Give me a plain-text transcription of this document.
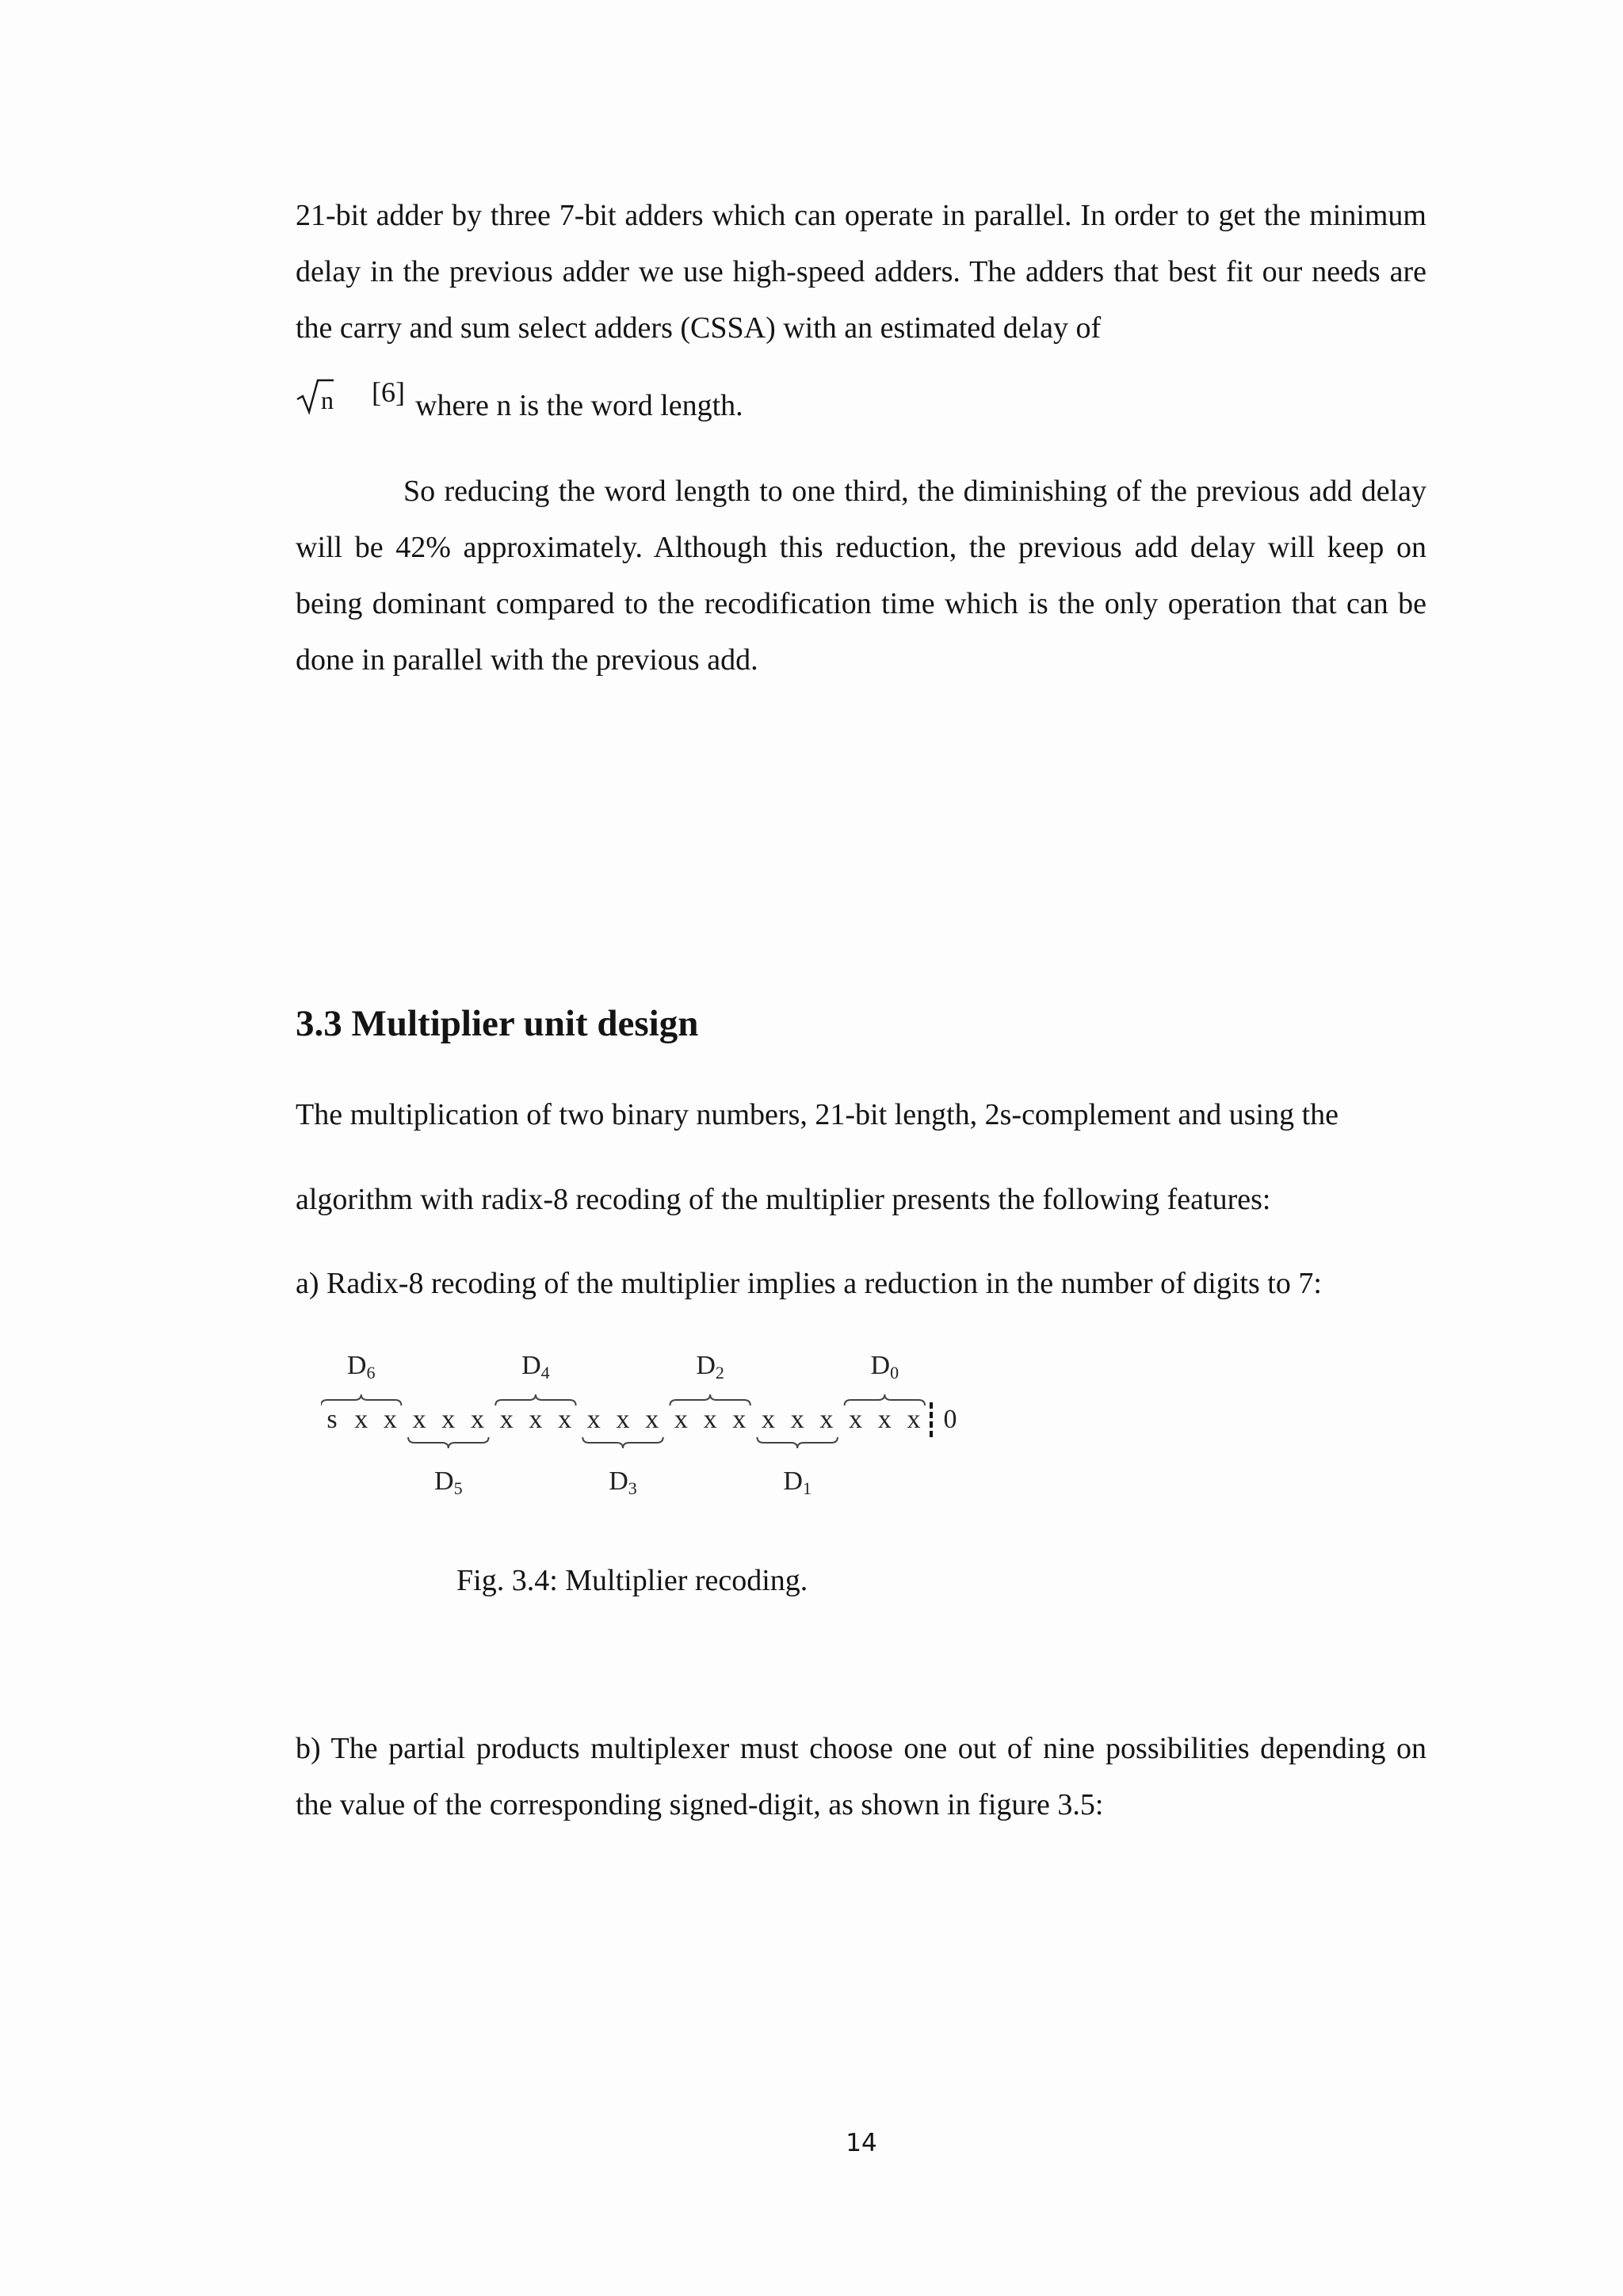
21-bit adder by three 7-bit adders which can operate in parallel. In order to get the minimum delay in the previous adder we use high-speed adders. The adders that best fit our needs are the carry and sum select adders (CSSA) with an estimated delay of

n [6] where n is the word length.

So reducing the word length to one third, the diminishing of the previous add delay will be 42% approximately. Although this reduction, the previous add delay will keep on being dominant compared to the recodification time which is the only operation that can be done in parallel with the previous add.

3.3 Multiplier unit design

The multiplication of two binary numbers, 21-bit length, 2s-complement and using the

algorithm with radix-8 recoding of the multiplier presents the following features:

a) Radix-8 recoding of the multiplier implies a reduction in the number of digits to 7:

s x x x x x x x x x x x x x x x x x x x x 0
D6	D4	D2	D0
D5	D3	D1

Fig. 3.4: Multiplier recoding.

b) The partial products multiplexer must choose one out of nine possibilities depending on the value of the corresponding signed-digit, as shown in figure 3.5:

14
